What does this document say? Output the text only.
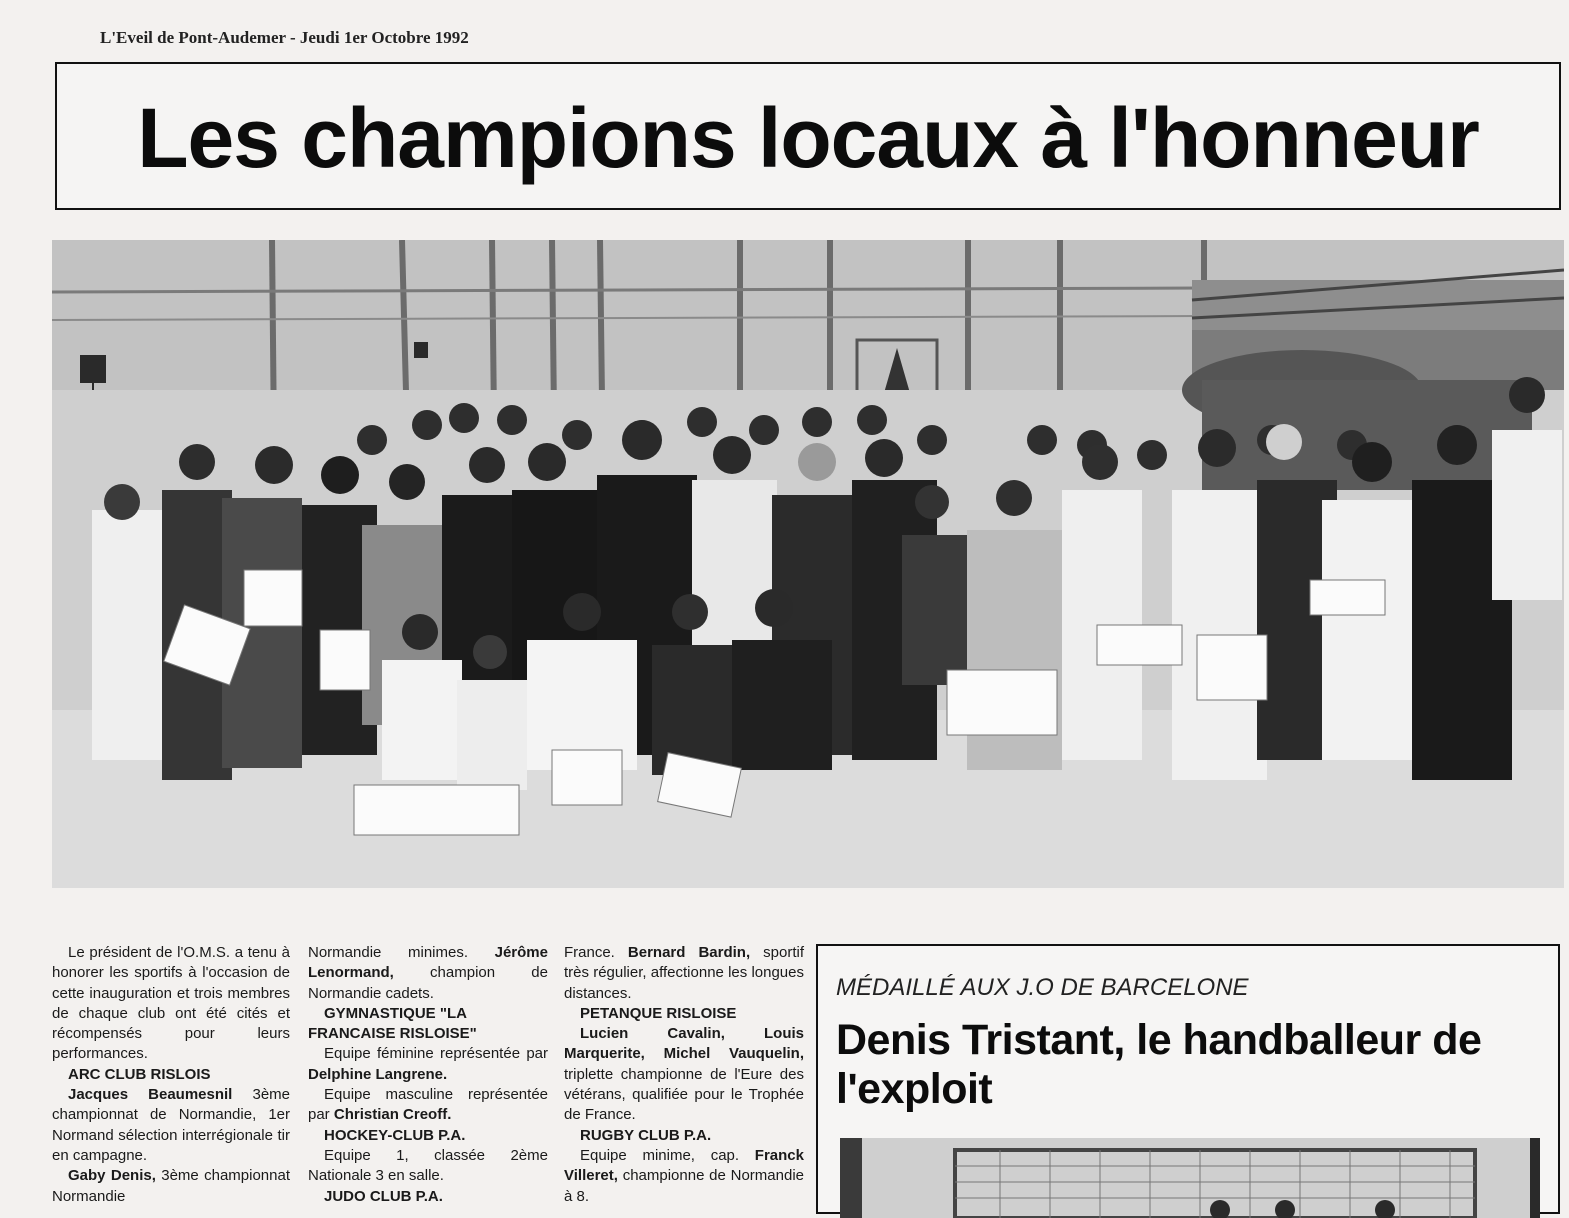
L'Eveil de Pont-Audemer - Jeudi 1er Octobre 1992
Les champions locaux à l'honneur

Le président de l'O.M.S. a tenu à honorer les sportifs à l'occasion de cette inauguration et trois membres de chaque club ont été cités et récompensés pour leurs performances.

ARC CLUB RISLOIS

Jacques Beaumesnil 3ème championnat de Normandie, 1er Normand sélection interrégionale tir en campagne.

Gaby Denis, 3ème championnat Normandie

Normandie minimes. Jérôme Lenormand, champion de Normandie cadets.

GYMNASTIQUE "LA FRANCAISE RISLOISE"

Equipe féminine représentée par Delphine Langrene.

Equipe masculine représentée par Christian Creoff.

HOCKEY-CLUB P.A.

Equipe 1, classée 2ème Nationale 3 en salle.

JUDO CLUB P.A.

France. Bernard Bardin, sportif très régulier, affectionne les longues distances.

PETANQUE RISLOISE

Lucien Cavalin, Louis Marquerite, Michel Vauquelin, triplette championne de l'Eure des vétérans, qualifiée pour le Trophée de France.

RUGBY CLUB P.A.

Equipe minime, cap. Franck Villeret, championne de Normandie à 8.

MÉDAILLÉ AUX J.O DE BARCELONE
Denis Tristant, le handballeur de l'exploit
